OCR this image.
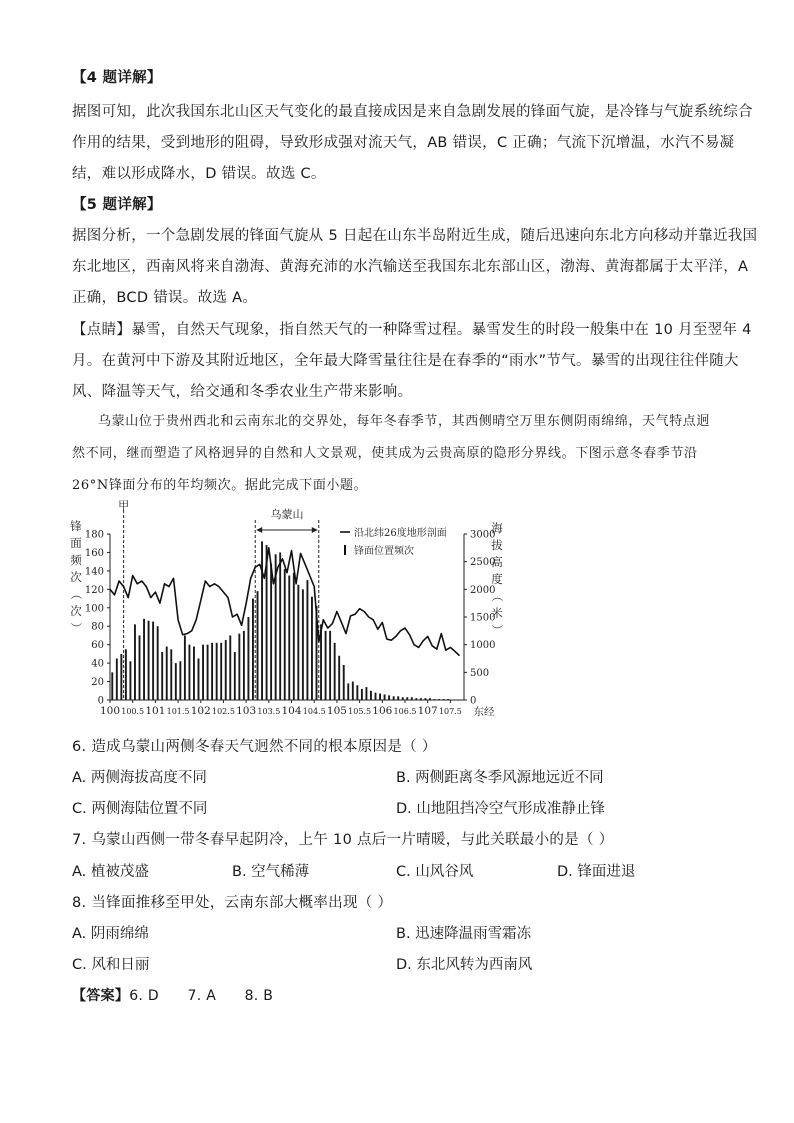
【4 题详解】
据图可知，此次我国东北山区天气变化的最直接成因是来自急剧发展的锋面气旋，是冷锋与气旋系统综合
作用的结果，受到地形的阻碍，导致形成强对流天气，AB 错误，C 正确；气流下沉增温，水汽不易凝
结，难以形成降水，D 错误。故选 C。
【5 题详解】
据图分析，一个急剧发展的锋面气旋从 5 日起在山东半岛附近生成，随后迅速向东北方向移动并靠近我国
东北地区，西南风将来自渤海、黄海充沛的水汽输送至我国东北东部山区，渤海、黄海都属于太平洋，A
正确，BCD 错误。故选 A。
【点睛】暴雪，自然天气现象，指自然天气的一种降雪过程。暴雪发生的时段一般集中在 10 月至翌年 4
月。在黄河中下游及其附近地区，全年最大降雪量往往是在春季的“雨水”节气。暴雪的出现往往伴随大
风、降温等天气，给交通和冬季农业生产带来影响。
乌蒙山位于贵州西北和云南东北的交界处，每年冬春季节，其西侧晴空万里东侧阴雨绵绵，天气特点迥然不同，继而塑造了风格迥异的自然和人文景观，使其成为云贵高原的隐形分界线。下图示意冬春季节沿 26°N锋面分布的年均频次。据此完成下面小题。
0
20
40
60
80
100
120
140
160
180
0
500
1000
1500
2000
2500
3000
100 100.5 101 101.5 102 102.5 103 103.5 104 104.5 105 105.5 106 106.5 107 107.5 东经
锋
面
频
次
（
次
）
海
拔
高
度
（
米
）
甲
乌蒙山
沿北纬26度地形剖面
锋面位置频次
6. 造成乌蒙山两侧冬春天气迥然不同的根本原因是（ ）
A. 两侧海拔高度不同	B. 两侧距离冬季风源地远近不同
C. 两侧海陆位置不同	D. 山地阻挡冷空气形成准静止锋
7. 乌蒙山西侧一带冬春早起阴冷，上午 10 点后一片晴暖，与此关联最小的是（ ）
A. 植被茂盛	B. 空气稀薄	C. 山风谷风	D. 锋面进退
8. 当锋面推移至甲处，云南东部大概率出现（ ）
A. 阴雨绵绵	B. 迅速降温雨雪霜冻
C. 风和日丽	D. 东北风转为西南风
【答案】6. D      7. A      8. B
